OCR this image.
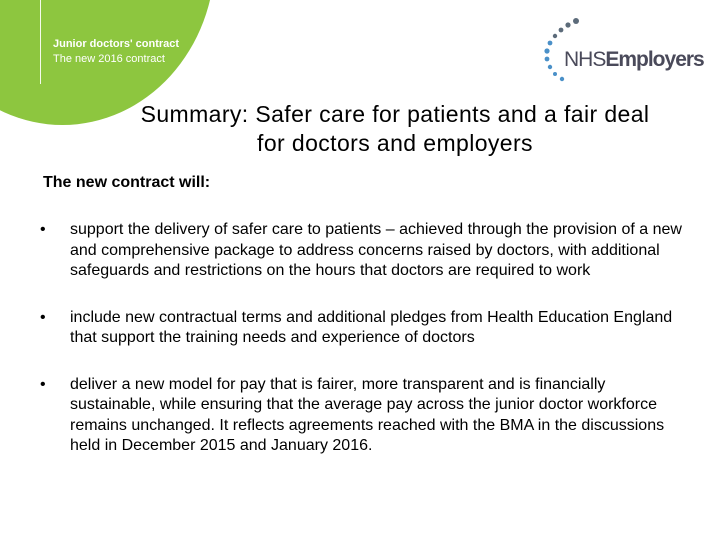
Junior doctors' contract
The new 2016 contract	NHSEmployers
Summary: Safer care for patients and a fair deal for doctors and employers
The new contract will:
• support the delivery of safer care to patients – achieved through the provision of a new and comprehensive package to address concerns raised by doctors, with additional safeguards and restrictions on the hours that doctors are required to work
• include new contractual terms and additional pledges from Health Education England that support the training needs and experience of doctors
• deliver a new model for pay that is fairer, more transparent and is financially sustainable, while ensuring that the average pay across the junior doctor workforce remains unchanged. It reflects agreements reached with the BMA in the discussions held in December 2015 and January 2016.
